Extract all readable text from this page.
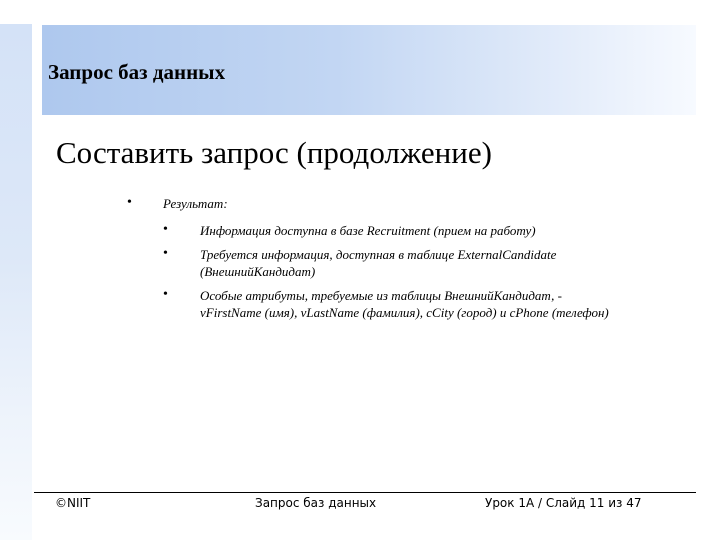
Запрос баз данных
Составить запрос (продолжение)
• Результат:
• Информация доступна в базе Recruitment (прием на работу)
• Требуется информация, доступная в таблице ExternalCandidate
(ВнешнийКандидат)
• Особые атрибуты, требуемые из таблицы ВнешнийКандидат, -
vFirstName (имя), vLastName (фамилия), cCity (город) и cPhone (телефон)
©NIIT	Запрос баз данных	Урок 1А / Слайд 11 из 47
